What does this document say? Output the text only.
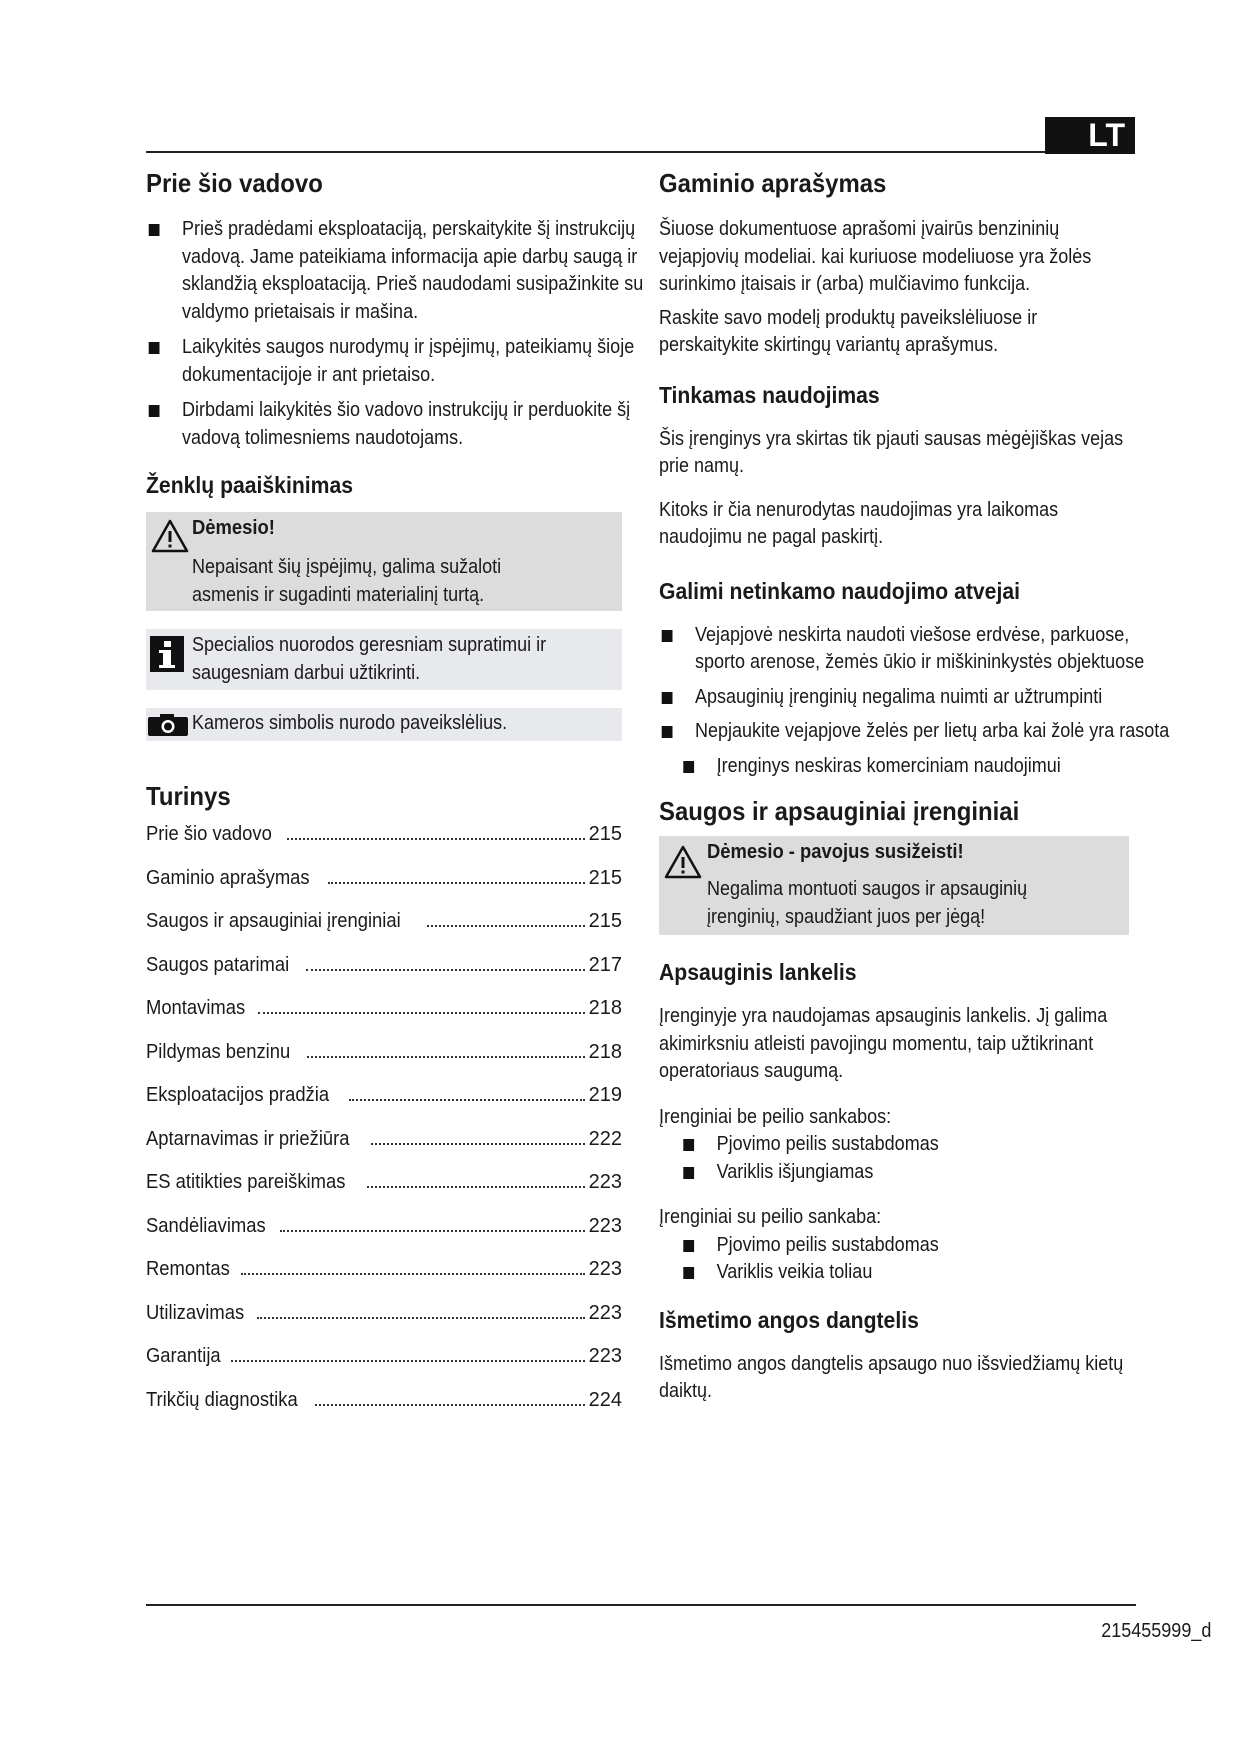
LT
Prie šio vadovo
Prieš pradėdami eksploataciją, perskaitykite šį instrukcijų vadovą. Jame pateikiama informacija apie darbų saugą ir sklandžią eksploataciją. Prieš naudodami susipažinkite su valdymo prietaisais ir mašina.
Laikykitės saugos nurodymų ir įspėjimų, pateikiamų šioje dokumentacijoje ir ant prietaiso.
Dirbdami laikykitės šio vadovo instrukcijų ir perduokite šį vadovą tolimesniems naudotojams.
Ženklų paaiškinimas
Dėmesio!
Nepaisant šių įspėjimų, galima sužaloti asmenis ir sugadinti materialinį turtą.
Specialios nuorodos geresniam supratimui ir saugesniam darbui užtikrinti.
Kameros simbolis nurodo paveikslėlius.
Turinys
Prie šio vadovo	215
Gaminio aprašymas	215
Saugos ir apsauginiai įrenginiai	215
Saugos patarimai	217
Montavimas	218
Pildymas benzinu	218
Eksploatacijos pradžia	219
Aptarnavimas ir priežiūra	222
ES atitikties pareiškimas	223
Sandėliavimas	223
Remontas	223
Utilizavimas	223
Garantija	223
Trikčių diagnostika	224
Gaminio aprašymas

Šiuose dokumentuose aprašomi įvairūs benzininių vejapjovių modeliai. kai kuriuose modeliuose yra žolės surinkimo įtaisais ir (arba) mulčiavimo funkcija.

Raskite savo modelį produktų paveikslėliuose ir perskaitykite skirtingų variantų aprašymus.

Tinkamas naudojimas

Šis įrenginys yra skirtas tik pjauti sausas mėgėjiškas vejas prie namų.

Kitoks ir čia nenurodytas naudojimas yra laikomas naudojimu ne pagal paskirtį.

Galimi netinkamo naudojimo atvejai
Vejapjovė neskirta naudoti viešose erdvėse, parkuose, sporto arenose, žemės ūkio ir miškininkystės objektuose
Apsauginių įrenginių negalima nuimti ar užtrumpinti
Nepjaukite vejapjove želės per lietų arba kai žolė yra rasota
Įrenginys neskiras komerciniam naudojimui
Saugos ir apsauginiai įrenginiai
Dėmesio - pavojus susižeisti!
Negalima montuoti saugos ir apsauginių įrenginių, spaudžiant juos per jėgą!
Apsauginis lankelis

Įrenginyje yra naudojamas apsauginis lankelis. Jį galima akimirksniu atleisti pavojingu momentu, taip užtikrinant operatoriaus saugumą.

Įrenginiai be peilio sankabos:

Pjovimo peilis sustabdomas
Variklis išjungiamas

Įrenginiai su peilio sankaba:

Pjovimo peilis sustabdomas
Variklis veikia toliau
Išmetimo angos dangtelis

Išmetimo angos dangtelis apsaugo nuo išsviedžiamų kietų daiktų.

215455999_d
